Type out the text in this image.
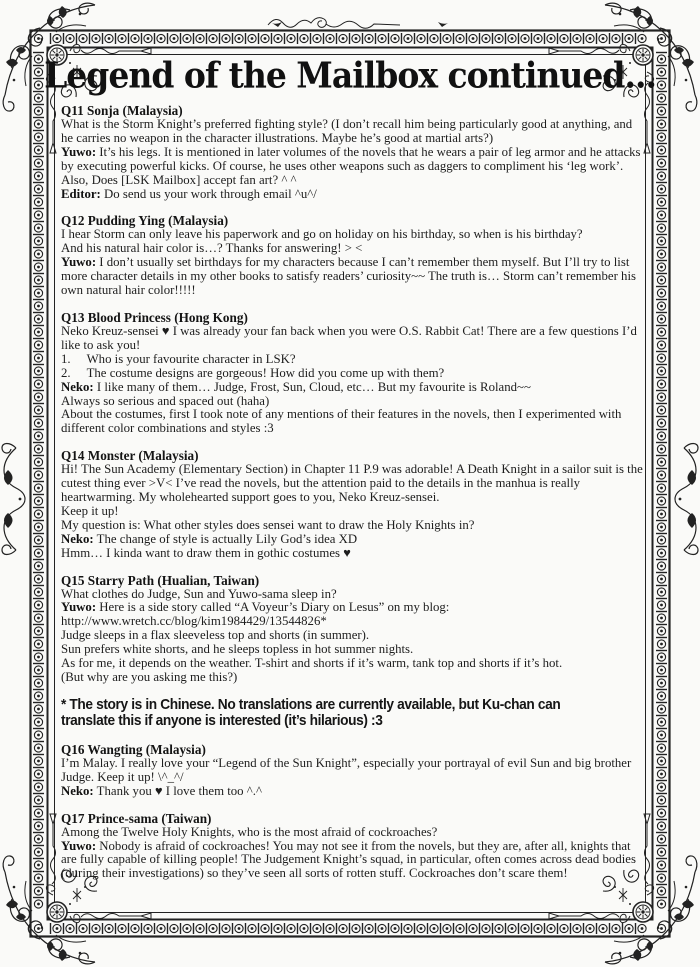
Legend of the Mailbox continued...
Q11 Sonja (Malaysia)

What is the Storm Knight’s preferred fighting style? (I don’t recall him being particularly good at anything, and he carries no weapon in the character illustrations. Maybe he’s good at martial arts?)

Yuwo: It’s his legs. It is mentioned in later volumes of the novels that he wears a pair of leg armor and he attacks by executing powerful kicks. Of course, he uses other weapons such as daggers to compliment his ‘leg work’.

Also, Does [LSK Mailbox] accept fan art? ^ ^

Editor: Do send us your work through email ^u^/

Q12 Pudding Ying (Malaysia)

I hear Storm can only leave his paperwork and go on holiday on his birthday, so when is his birthday?

And his natural hair color is…? Thanks for answering! > <

Yuwo: I don’t usually set birthdays for my characters because I can’t remember them myself. But I’ll try to list more character details in my other books to satisfy readers’ curiosity~~ The truth is… Storm can’t remember his own natural hair color!!!!!

Q13 Blood Princess (Hong Kong)

Neko Kreuz-sensei ♥ I was already your fan back when you were O.S. Rabbit Cat! There are a few questions I’d like to ask you!

1.     Who is your favourite character in LSK?

2.     The costume designs are gorgeous! How did you come up with them?

Neko: I like many of them… Judge, Frost, Sun, Cloud, etc… But my favourite is Roland~~

Always so serious and spaced out (haha)

About the costumes, first I took note of any mentions of their features in the novels, then I experimented with different color combinations and styles :3

Q14 Monster (Malaysia)

Hi! The Sun Academy (Elementary Section) in Chapter 11 P.9 was adorable! A Death Knight in a sailor suit is the cutest thing ever >V< I’ve read the novels, but the attention paid to the details in the manhua is really heartwarming. My wholehearted support goes to you, Neko Kreuz-sensei.

Keep it up!

My question is: What other styles does sensei want to draw the Holy Knights in?

Neko: The change of style is actually Lily God’s idea XD

Hmm… I kinda want to draw them in gothic costumes ♥

Q15 Starry Path (Hualian, Taiwan)

What clothes do Judge, Sun and Yuwo-sama sleep in?

Yuwo: Here is a side story called “A Voyeur’s Diary on Lesus” on my blog:

http://www.wretch.cc/blog/kim1984429/13544826*

Judge sleeps in a flax sleeveless top and shorts (in summer).

Sun prefers white shorts, and he sleeps topless in hot summer nights.

As for me, it depends on the weather. T-shirt and shorts if it’s warm, tank top and shorts if it’s hot.

(But why are you asking me this?)

* The story is in Chinese. No translations are currently available, but Ku-chan can translate this if anyone is interested (it’s hilarious) :3
Q16 Wangting (Malaysia)

I’m Malay. I really love your “Legend of the Sun Knight”, especially your portrayal of evil Sun and big brother Judge. Keep it up! \^_^/

Neko: Thank you ♥ I love them too ^.^

Q17 Prince-sama (Taiwan)

Among the Twelve Holy Knights, who is the most afraid of cockroaches?

Yuwo: Nobody is afraid of cockroaches! You may not see it from the novels, but they are, after all, knights that are fully capable of killing people! The Judgement Knight’s squad, in particular, often comes across dead bodies (during their investigations) so they’ve seen all sorts of rotten stuff. Cockroaches don’t scare them!
